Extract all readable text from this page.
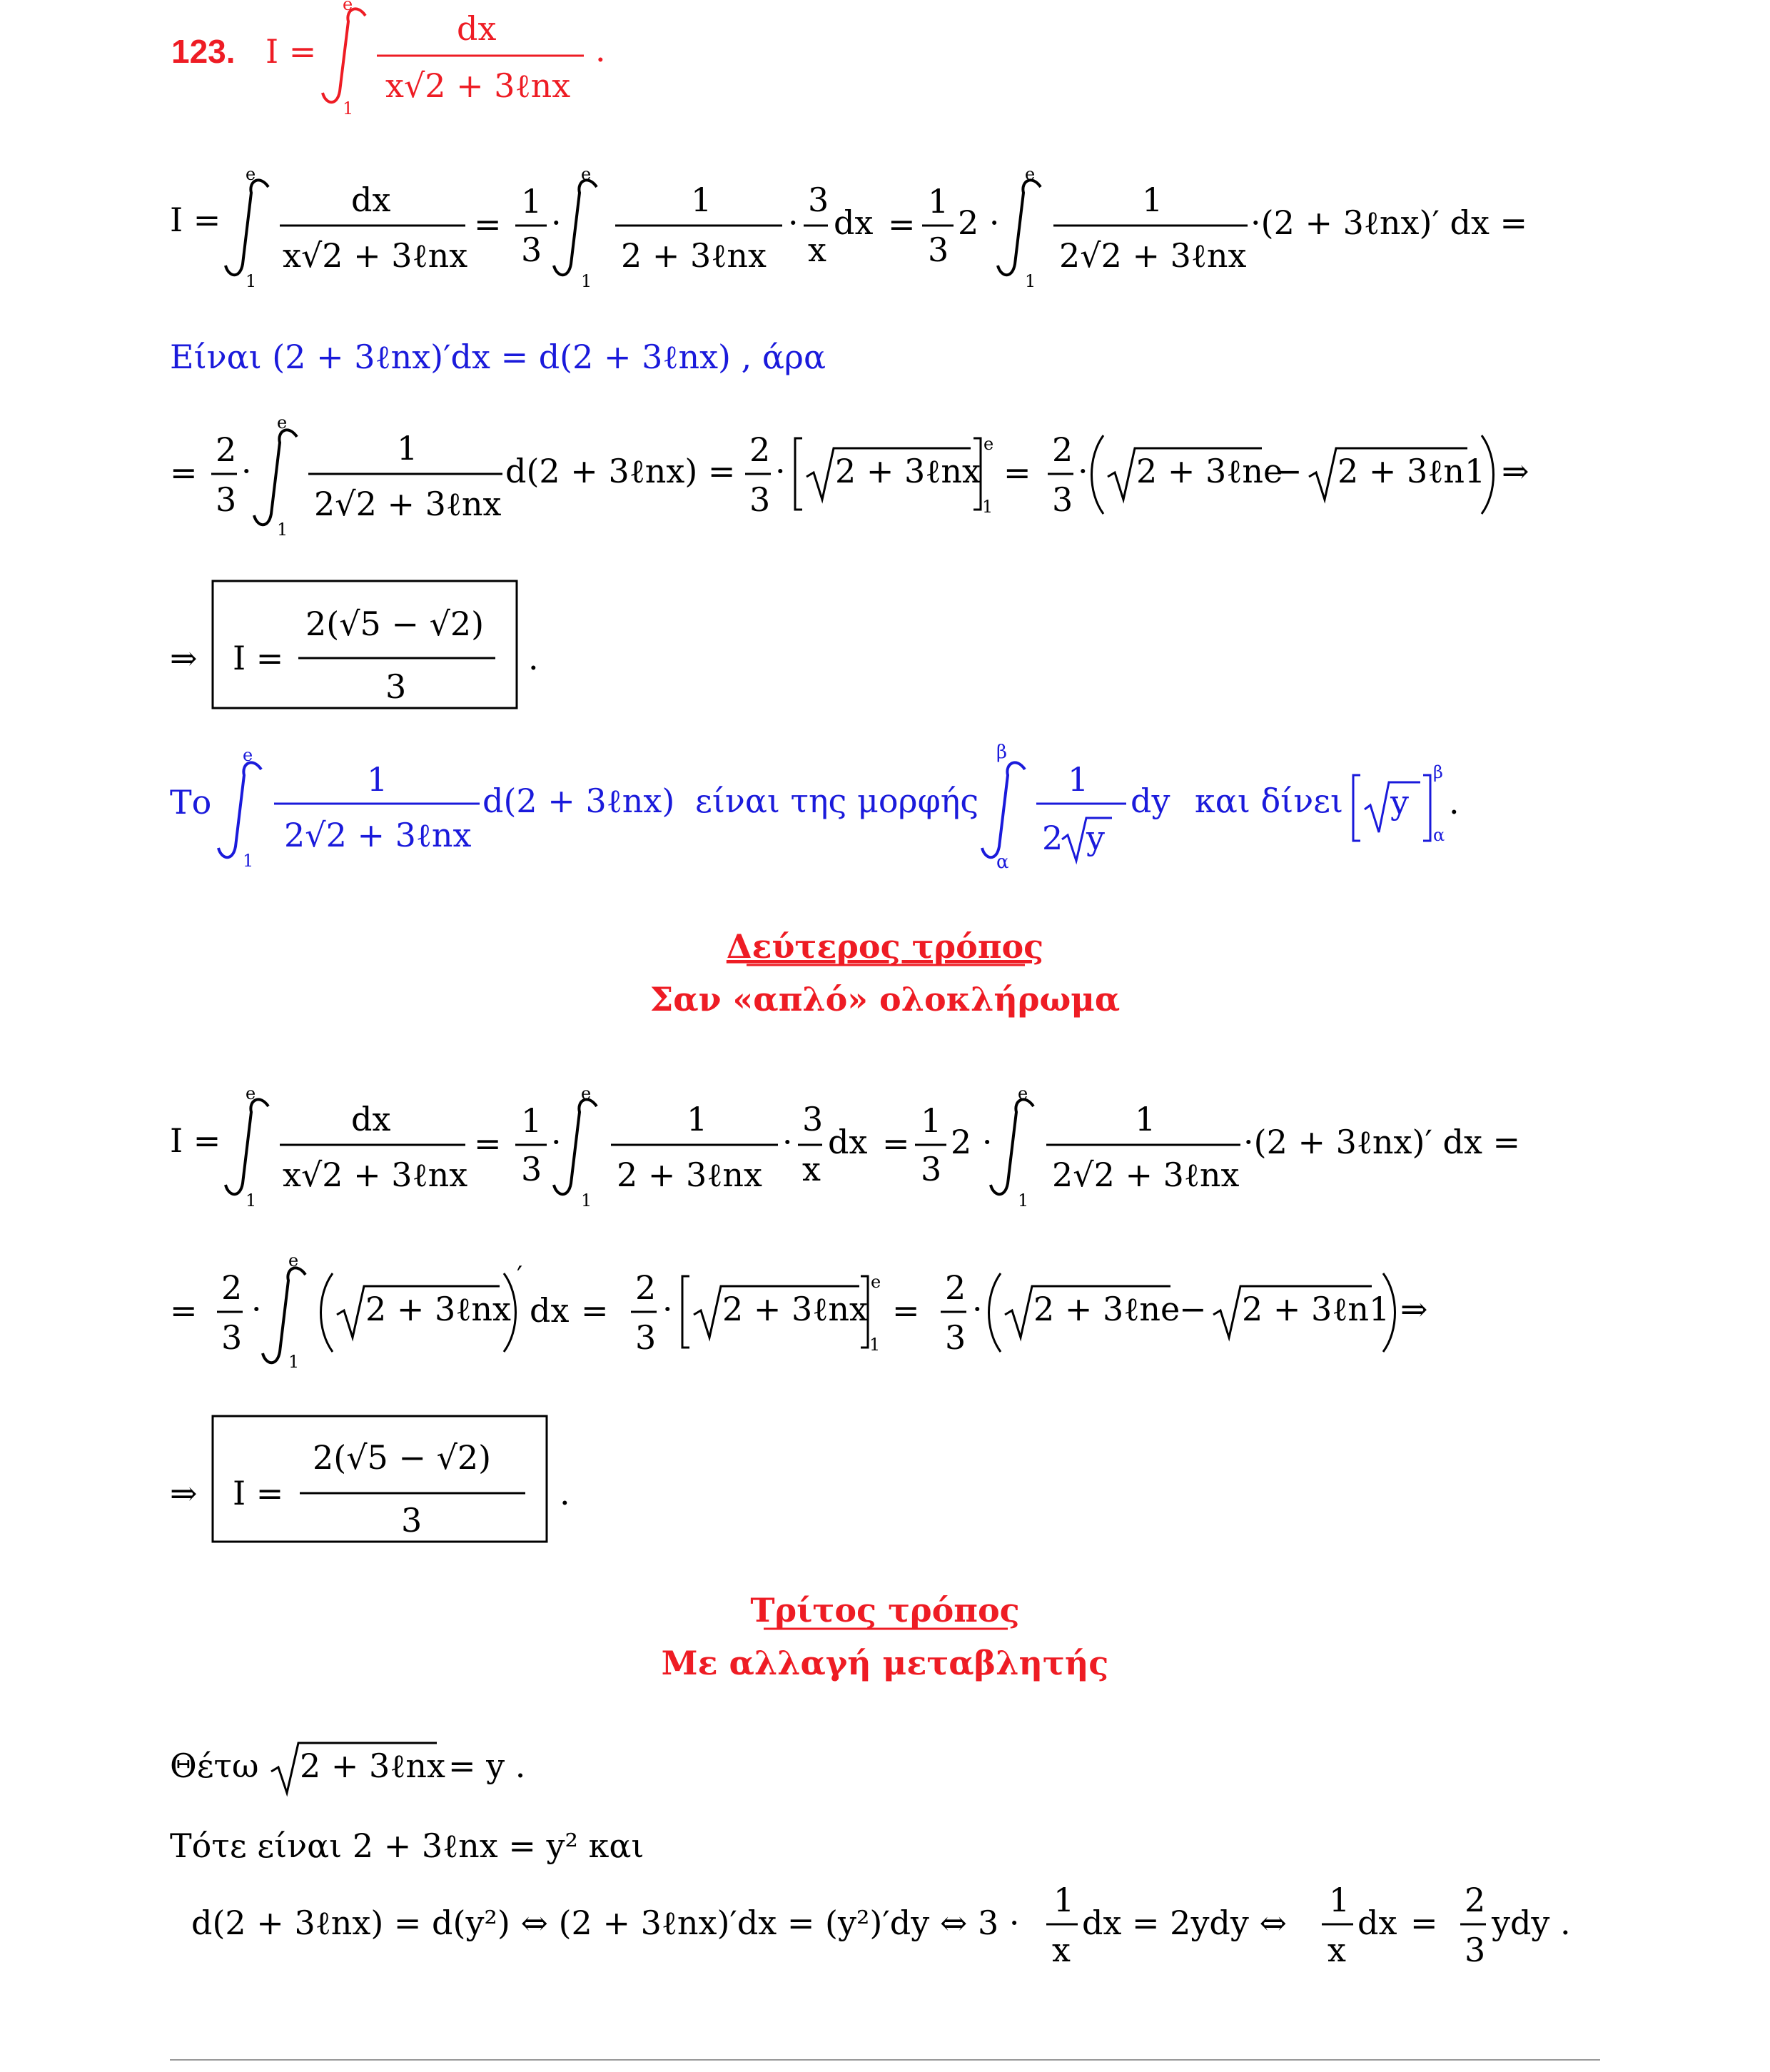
123. I =
e
1
dx
x√2 + 3ℓnx
.
I =
e
1
dx
x√2 + 3ℓnx
=
1
3
·
e
1
1
2 + 3ℓnx
·
3
x
dx =
1
3
2 ·
e
1
1
2√2 + 3ℓnx
·(2 + 3ℓnx)′ dx =
Είναι (2 + 3ℓnx)′dx = d(2 + 3ℓnx) , άρα
=
2
3
·
e
1
1
2√2 + 3ℓnx
d(2 + 3ℓnx) =
2
3
· 2 + 3ℓnx
e
1
=
2
3
· 2 + 3ℓne
− 2 + 3ℓn1 ⇒
⇒ I =
2(√5 − √2)
3
.
Το
e
1
1
2√2 + 3ℓnx
d(2 + 3ℓnx) είναι της μορφής
β
α
1
2 y
dy και δίνει y
β
α
.
Δεύτερος τρόπος
Σαν «απλό» ολοκλήρωμα
I =
e
1
dx
x√2 + 3ℓnx
=
1
3
·
e
1
1
2 + 3ℓnx
·
3
x
dx =
1
3
2 ·
e
1
1
2√2 + 3ℓnx
·(2 + 3ℓnx)′ dx =
=
2
3
·
e
1
2 + 3ℓnx
′
dx =
2
3
· 2 + 3ℓnx
e
1
=
2
3
· 2 + 3ℓne
− 2 + 3ℓn1 ⇒
⇒ I =
2(√5 − √2)
3
.
Τρίτος τρόπος
Με αλλαγή μεταβλητής
Θέτω 2 + 3ℓnx = y .
Τότε είναι 2 + 3ℓnx = y² και
d(2 + 3ℓnx) = d(y²) ⇔ (2 + 3ℓnx)′dx = (y²)′dy ⇔ 3 ·
1
x
dx = 2ydy ⇔
1
x
dx =
2
3
ydy .
